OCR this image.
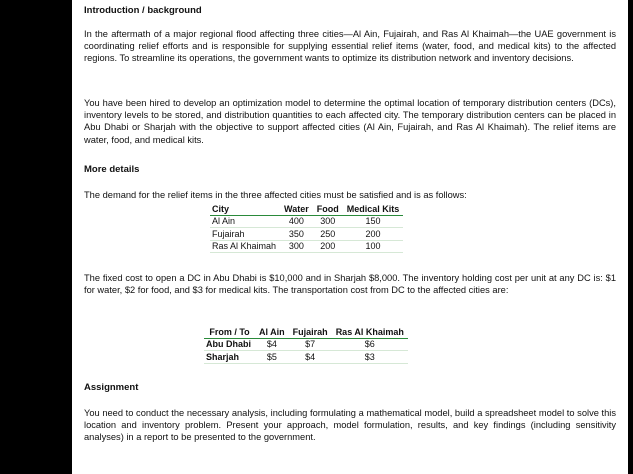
Introduction / background

In the aftermath of a major regional flood affecting three cities—Al Ain, Fujairah, and Ras Al Khaimah—the UAE government is coordinating relief efforts and is responsible for supplying essential relief items (water, food, and medical kits) to the affected regions. To streamline its operations, the government wants to optimize its distribution network and inventory decisions.

You have been hired to develop an optimization model to determine the optimal location of temporary distribution centers (DCs), inventory levels to be stored, and distribution quantities to each affected city. The temporary distribution centers can be placed in Abu Dhabi or Sharjah with the objective to support affected cities (Al Ain, Fujairah, and Ras Al Khaimah). The relief items are water, food, and medical kits.

More details

The demand for the relief items in the three affected cities must be satisfied and is as follows:

City	Water	Food	Medical Kits
Al Ain	400	300	150
Fujairah	350	250	200
Ras Al Khaimah	300	200	100

The fixed cost to open a DC in Abu Dhabi is $10,000 and in Sharjah $8,000. The inventory holding cost per unit at any DC is: $1 for water, $2 for food, and $3 for medical kits. The transportation cost from DC to the affected cities are:

From / To	Al Ain	Fujairah	Ras Al Khaimah
Abu Dhabi	$4	$7	$6
Sharjah	$5	$4	$3
Assignment

You need to conduct the necessary analysis, including formulating a mathematical model, build a spreadsheet model to solve this location and inventory problem. Present your approach, model formulation, results, and key findings (including sensitivity analyses) in a report to be presented to the government.
